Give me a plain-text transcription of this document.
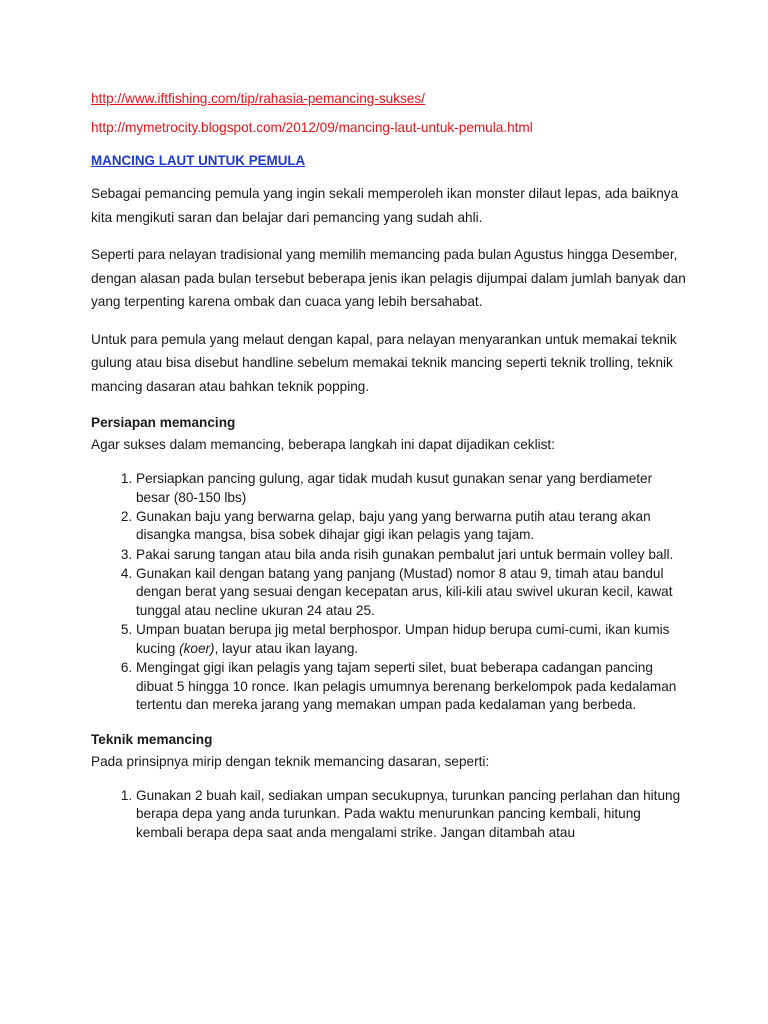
http://www.iftfishing.com/tip/rahasia-pemancing-sukses/
http://mymetrocity.blogspot.com/2012/09/mancing-laut-untuk-pemula.html
MANCING LAUT UNTUK PEMULA

Sebagai pemancing pemula yang ingin sekali memperoleh ikan monster dilaut lepas, ada baiknya kita mengikuti saran dan belajar dari pemancing yang sudah ahli.

Seperti para nelayan tradisional yang memilih memancing pada bulan Agustus hingga Desember, dengan alasan pada bulan tersebut beberapa jenis ikan pelagis dijumpai dalam jumlah banyak dan yang terpenting karena ombak dan cuaca yang lebih bersahabat.

Untuk para pemula yang melaut dengan kapal, para nelayan menyarankan untuk memakai teknik gulung atau bisa disebut handline sebelum memakai teknik mancing seperti teknik trolling, teknik mancing dasaran atau bahkan teknik popping.

Persiapan memancing

Agar sukses dalam memancing, beberapa langkah ini dapat dijadikan ceklist:

1. Persiapkan pancing gulung, agar tidak mudah kusut gunakan senar yang berdiameter besar (80-150 lbs)
2. Gunakan baju yang berwarna gelap, baju yang yang berwarna putih atau terang akan disangka mangsa, bisa sobek dihajar gigi ikan pelagis yang tajam.
3. Pakai sarung tangan atau bila anda risih gunakan pembalut jari untuk bermain volley ball.
4. Gunakan kail dengan batang yang panjang (Mustad) nomor 8 atau 9, timah atau bandul dengan berat yang sesuai dengan kecepatan arus, kili-kili atau swivel ukuran kecil, kawat tunggal atau necline ukuran 24 atau 25.
5. Umpan buatan berupa jig metal berphospor. Umpan hidup berupa cumi-cumi, ikan kumis kucing (koer), layur atau ikan layang.
6. Mengingat gigi ikan pelagis yang tajam seperti silet, buat beberapa cadangan pancing dibuat 5 hingga 10 ronce. Ikan pelagis umumnya berenang berkelompok pada kedalaman tertentu dan mereka jarang yang memakan umpan pada kedalaman yang berbeda.

Teknik memancing

Pada prinsipnya mirip dengan teknik memancing dasaran, seperti:

1. Gunakan 2 buah kail, sediakan umpan secukupnya, turunkan pancing perlahan dan hitung berapa depa yang anda turunkan. Pada waktu menurunkan pancing kembali, hitung kembali berapa depa saat anda mengalami strike. Jangan ditambah atau
